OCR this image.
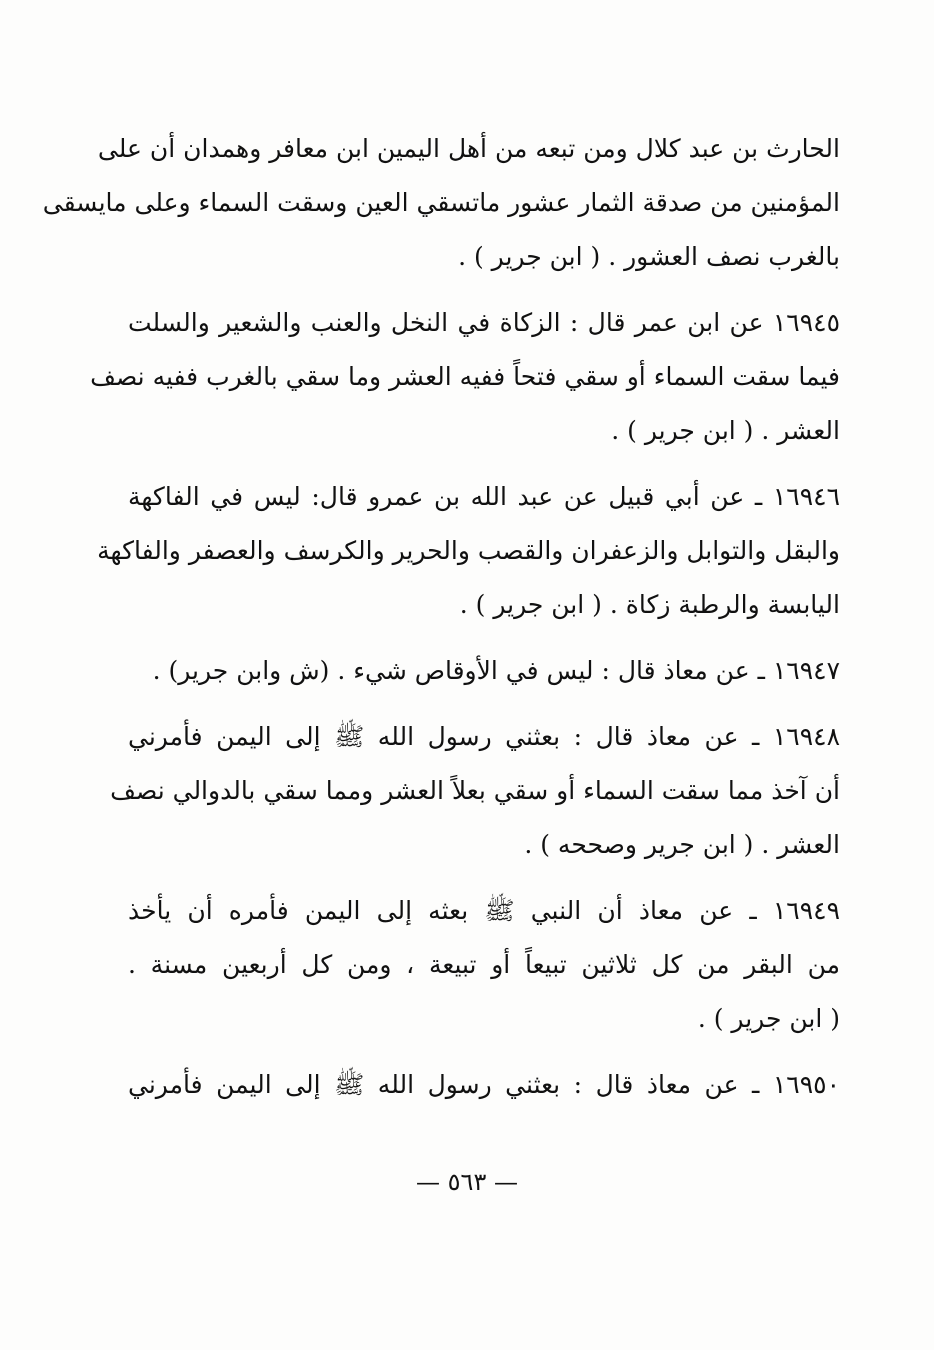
الحارث بن عبد كلال ومن تبعه من أهل اليمين ابن معافر وهمدان أن على
المؤمنين من صدقة الثمار عشور ماتسقي العين وسقت السماء وعلى مايسقى
بالغرب نصف العشور . ( ابن جرير ) .
١٦٩٤٥ عن ابن عمر قال : الزكاة في النخل والعنب والشعير والسلت
فيما سقت السماء أو سقي فتحاً ففيه العشر وما سقي بالغرب ففيه نصف
العشر . ( ابن جرير ) .
١٦٩٤٦ ـ عن أبي قبيل عن عبد الله بن عمرو قال: ليس في الفاكهة
والبقل والتوابل والزعفران والقصب والحرير والكرسف والعصفر والفاكهة
اليابسة والرطبة زكاة . ( ابن جرير ) .
١٦٩٤٧ ـ عن معاذ قال : ليس في الأوقاص شيء . (ش وابن جرير) .
١٦٩٤٨ ـ عن معاذ قال : بعثني رسول الله ﷺ إلى اليمن فأمرني
أن آخذ مما سقت السماء أو سقي بعلاً العشر ومما سقي بالدوالي نصف
العشر . ( ابن جرير وصححه ) .
١٦٩٤٩ ـ عن معاذ أن النبي ﷺ بعثه إلى اليمن فأمره أن يأخذ
من البقر من كل ثلاثين تبيعاً أو تبيعة ، ومن كل أربعين مسنة .
( ابن جرير ) .
١٦٩٥٠ ـ عن معاذ قال : بعثني رسول الله ﷺ إلى اليمن فأمرني
— ٥٦٣ —
